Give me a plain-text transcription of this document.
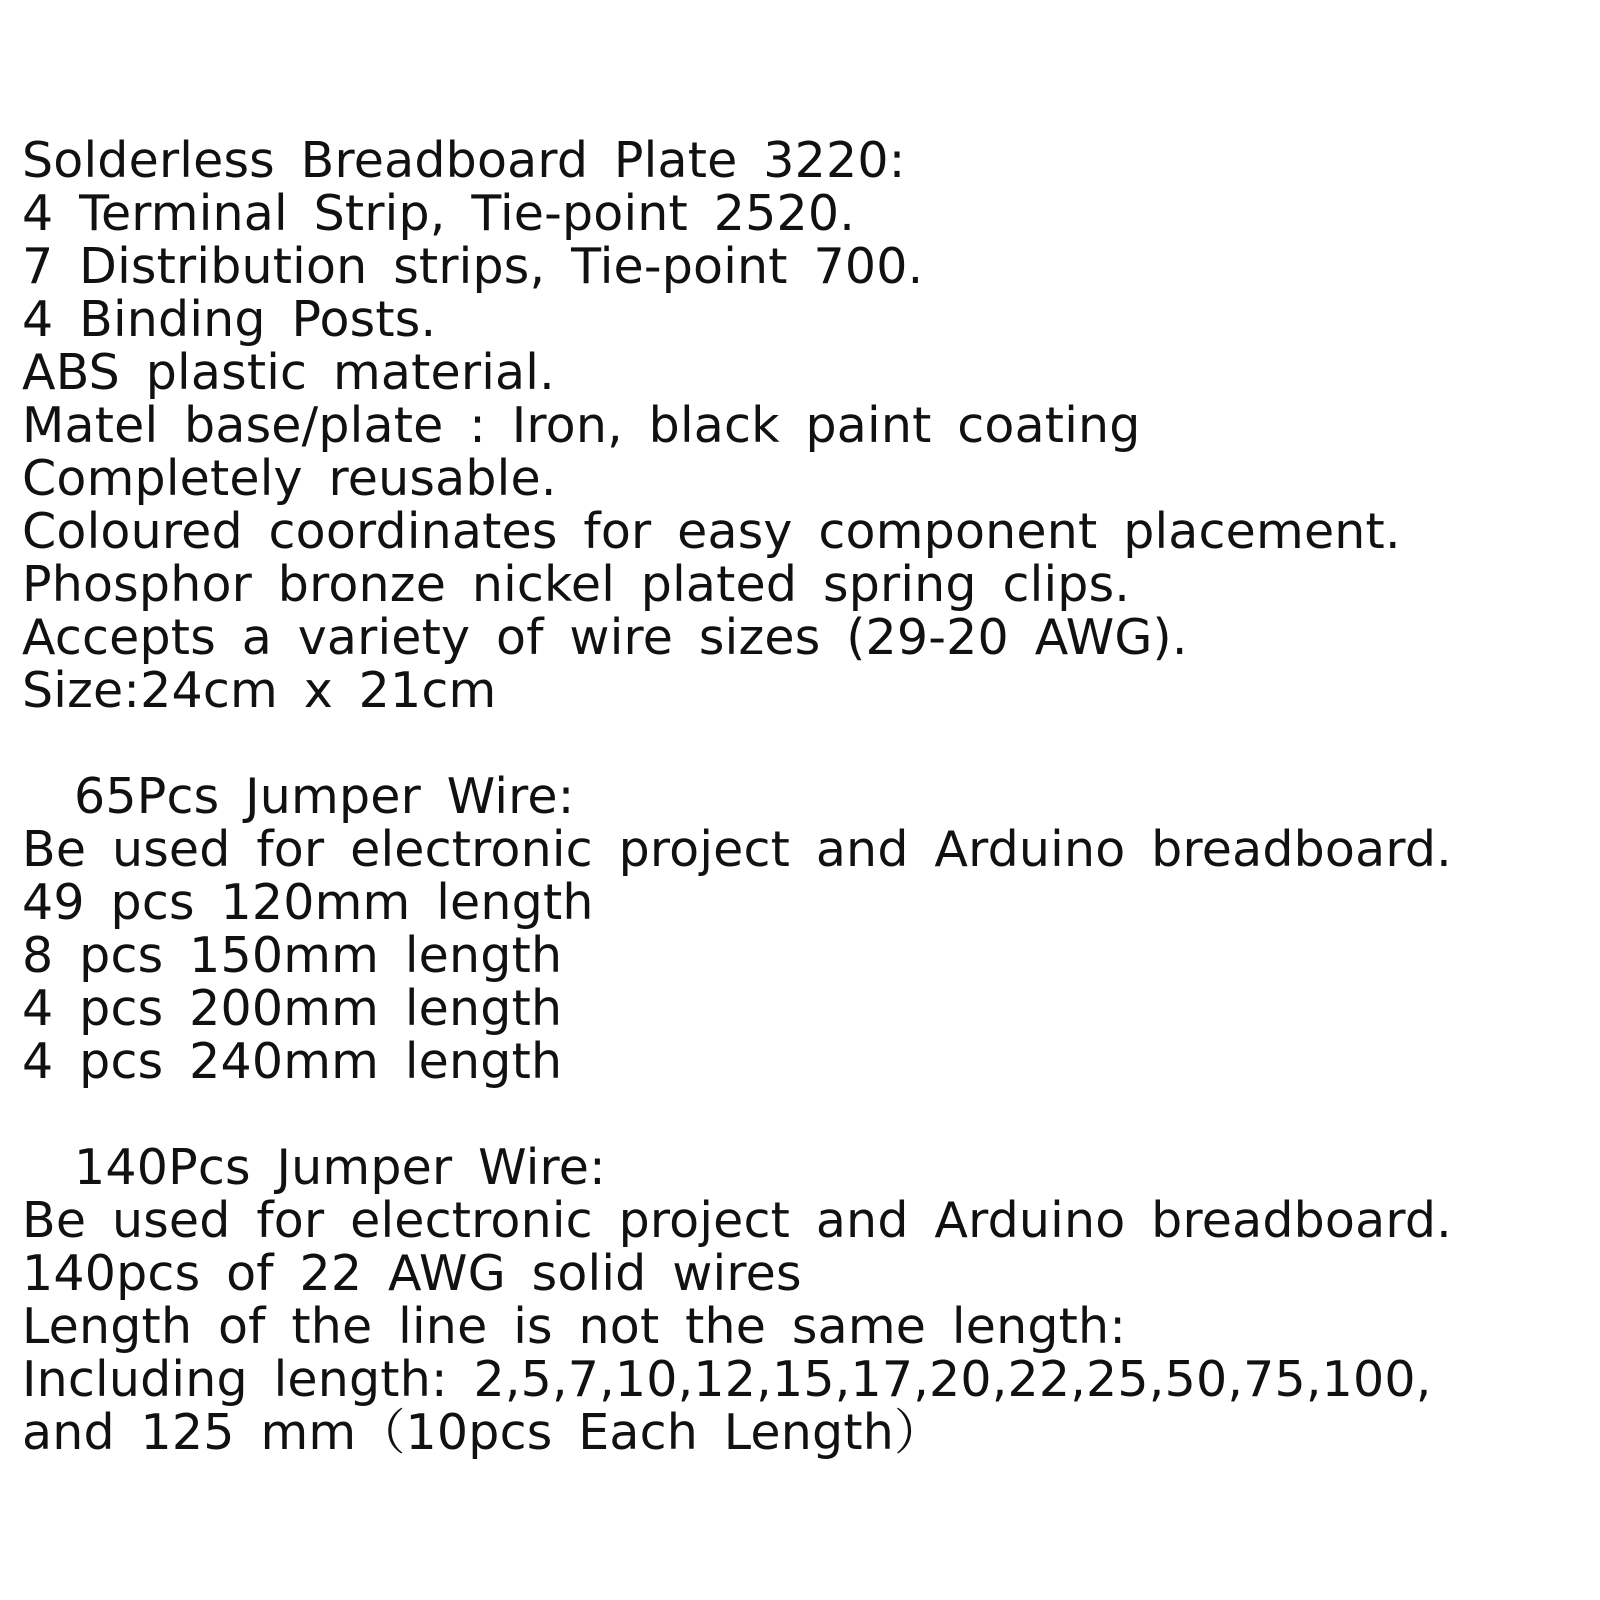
Solderless Breadboard Plate 3220:
4 Terminal Strip, Tie-point 2520.
7 Distribution strips, Tie-point 700.
4 Binding Posts.
ABS plastic material.
Matel base/plate : Iron, black paint coating
Completely reusable.
Coloured coordinates for easy component placement.
Phosphor bronze nickel plated spring clips.
Accepts a variety of wire sizes (29-20 AWG).
Size:24cm x 21cm
65Pcs Jumper Wire:
Be used for electronic project and Arduino breadboard.
49 pcs 120mm length
8 pcs 150mm length
4 pcs 200mm length
4 pcs 240mm length
140Pcs Jumper Wire:
Be used for electronic project and Arduino breadboard.
140pcs of 22 AWG solid wires
Length of the line is not the same length:
Including length: 2,5,7,10,12,15,17,20,22,25,50,75,100,
and 125 mm（10pcs Each Length）
